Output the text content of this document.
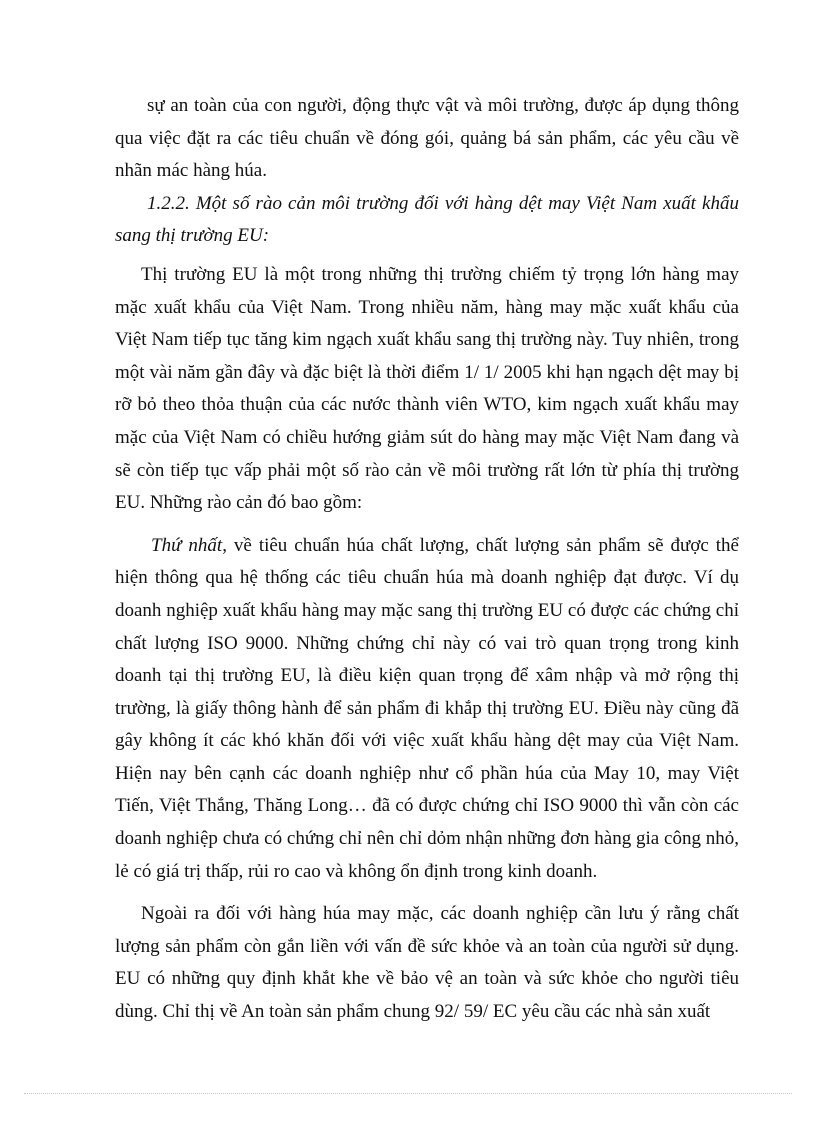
sự an toàn của con người, động thực vật và môi trường, được áp dụng thông qua việc đặt ra các tiêu chuẩn về đóng gói, quảng bá sản phẩm, các yêu cầu về nhãn mác hàng húa.

1.2.2. Một số rào cản môi trường đối với hàng dệt may Việt Nam xuất khẩu sang thị trường EU:

Thị trường EU là một trong những thị trường chiếm tỷ trọng lớn hàng may mặc xuất khẩu của Việt Nam. Trong nhiều năm, hàng may mặc xuất khẩu của Việt Nam tiếp tục tăng kim ngạch xuất khẩu sang thị trường này. Tuy nhiên, trong một vài năm gần đây và đặc biệt là thời điểm 1/ 1/ 2005 khi hạn ngạch dệt may bị rỡ bỏ theo thỏa thuận của các nước thành viên WTO, kim ngạch xuất khẩu may mặc của Việt Nam có chiều hướng giảm sút do hàng may mặc Việt Nam đang và sẽ còn tiếp tục vấp phải một số rào cản về môi trường rất lớn từ phía thị trường EU. Những rào cản đó bao gồm:

Thứ nhất, về tiêu chuẩn húa chất lượng, chất lượng sản phẩm sẽ được thể hiện thông qua hệ thống các tiêu chuẩn húa mà doanh nghiệp đạt được. Ví dụ doanh nghiệp xuất khẩu hàng may mặc sang thị trường EU có được các chứng chỉ chất lượng ISO 9000. Những chứng chỉ này có vai trò quan trọng trong kinh doanh tại thị trường EU, là điều kiện quan trọng để xâm nhập và mở rộng thị trường, là giấy thông hành để sản phẩm đi khắp thị trường EU. Điều này cũng đã gây không ít các khó khăn đối với việc xuất khẩu hàng dệt may của Việt Nam. Hiện nay bên cạnh các doanh nghiệp như cổ phần húa của May 10, may Việt Tiến, Việt Thắng, Thăng Long… đã có được chứng chỉ ISO 9000 thì vẫn còn các doanh nghiệp chưa có chứng chỉ nên chỉ dỏm nhận những đơn hàng gia công nhỏ, lẻ có giá trị thấp, rủi ro cao và không ổn định trong kinh doanh.

Ngoài ra đối với hàng húa may mặc, các doanh nghiệp cần lưu ý rằng chất lượng sản phẩm còn gắn liền với vấn đề sức khỏe và an toàn của người sử dụng. EU có những quy định khắt khe về bảo vệ an toàn và sức khỏe cho người tiêu dùng. Chỉ thị về An toàn sản phẩm chung 92/ 59/ EC yêu cầu các nhà sản xuất
